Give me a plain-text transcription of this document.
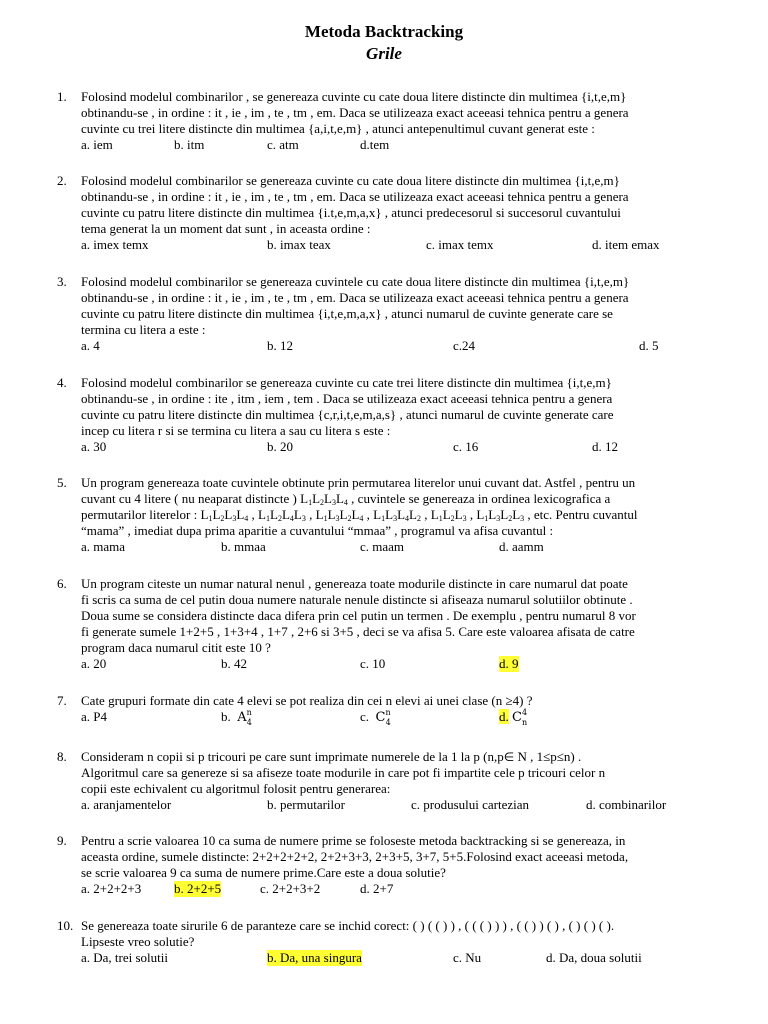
Metoda Backtracking
Grile
1.	Folosind modelul combinarilor , se genereaza cuvinte cu cate doua litere distincte din multimea {i,t,e,m}

obtinandu-se , in ordine : it , ie , im , te , tm , em. Daca se utilizeaza exact aceeasi tehnica pentru a genera

cuvinte cu trei litere distincte din multimea {a,i,t,e,m} , atunci antepenultimul cuvant generat este :

a. iem	b. itm	c. atm	d.tem
2.	Folosind modelul combinarilor se genereaza cuvinte cu cate doua litere distincte din multimea {i,t,e,m}

obtinandu-se , in ordine : it , ie , im , te , tm , em. Daca se utilizeaza exact aceeasi tehnica pentru a genera

cuvinte cu patru litere distincte din multimea {i.t,e,m,a,x} , atunci predecesorul si succesorul cuvantului

tema generat la un moment dat sunt , in aceasta ordine :

a. imex temx	b. imax teax	c. imax temx	d. item emax
3.	Folosind modelul combinarilor se genereaza cuvintele cu cate doua litere distincte din multimea {i,t,e,m}

obtinandu-se , in ordine : it , ie , im , te , tm , em. Daca se utilizeaza exact aceeasi tehnica pentru a genera

cuvinte cu patru litere distincte din multimea {i,t,e,m,a,x} , atunci numarul de cuvinte generate care se

termina cu litera a este :

a. 4	b. 12	c.24	d. 5
4.	Folosind modelul combinarilor se genereaza cuvinte cu cate trei litere distincte din multimea {i,t,e,m}

obtinandu-se , in ordine : ite , itm , iem , tem . Daca se utilizeaza exact aceeasi tehnica pentru a genera

cuvinte cu patru litere distincte din multimea {c,r,i,t,e,m,a,s} , atunci numarul de cuvinte generate care

incep cu litera r si se termina cu litera a sau cu litera s este :

a. 30	b. 20	c. 16	d. 12
5.	Un program genereaza toate cuvintele obtinute prin permutarea literelor unui cuvant dat. Astfel , pentru un

cuvant cu 4 litere ( nu neaparat distincte ) $L_1L_2L_3L_4$ , cuvintele se genereaza in ordinea lexicografica a

permutarilor literelor : $L_1L_2L_3L_4$ , $L_1L_2L_4L_3$ , $L_1L_3L_2L_4$ , $L_1L_3L_4L_2$ , $L_1L_2L_3$ , $L_1L_3L_2L_3$ , etc. Pentru cuvantul

“mama” , imediat dupa prima aparitie a cuvantului “mmaa” , programul va afisa cuvantul :

a. mama	b. mmaa	c. maam	d. aamm
6.	Un program citeste un numar natural nenul , genereaza toate modurile distincte in care numarul dat poate

fi scris ca suma de cel putin doua numere naturale nenule distincte si afiseaza numarul solutiilor obtinute .

Doua sume se considera distincte daca difera prin cel putin un termen . De exemplu , pentru numarul 8 vor

fi generate sumele 1+2+5 , 1+3+4 , 1+7 , 2+6 si 3+5 , deci se va afisa 5. Care este valoarea afisata de catre

program daca numarul citit este 10 ?

a. 20	b. 42	c. 10	d. 9
7.	Cate grupuri formate din cate 4 elevi se pot realiza din cei n elevi ai unei clase (n ≥4) ?

a. P4	b. $A^n_4$	c. $C^n_4$	d. $C^4_n$
8.	Consideram n copii si p tricouri pe care sunt imprimate numerele de la 1 la p (n,p∈ N , 1≤p≤n) .

Algoritmul care sa genereze si sa afiseze toate modurile in care pot fi impartite cele p tricouri celor n

copii este echivalent cu algoritmul folosit pentru generarea:

a. aranjamentelor	b. permutarilor	c. produsului cartezian	d. combinarilor
9.	Pentru a scrie valoarea 10 ca suma de numere prime se foloseste metoda backtracking si se genereaza, in

aceasta ordine, sumele distincte: 2+2+2+2+2, 2+2+3+3, 2+3+5, 3+7, 5+5.Folosind exact aceeasi metoda,

se scrie valoarea 9 ca suma de numere prime.Care este a doua solutie?

a. 2+2+2+3	b. 2+2+5	c. 2+2+3+2	d. 2+7
10. Se genereaza toate sirurile 6 de paranteze care se inchid corect: ( ) ( ( ) ) , ( ( ( ) ) ) , ( ( ) ) ( ) , ( ) ( ) ( ).

Lipseste vreo solutie?

a. Da, trei solutii	b. Da, una singura	c. Nu	d. Da, doua solutii
